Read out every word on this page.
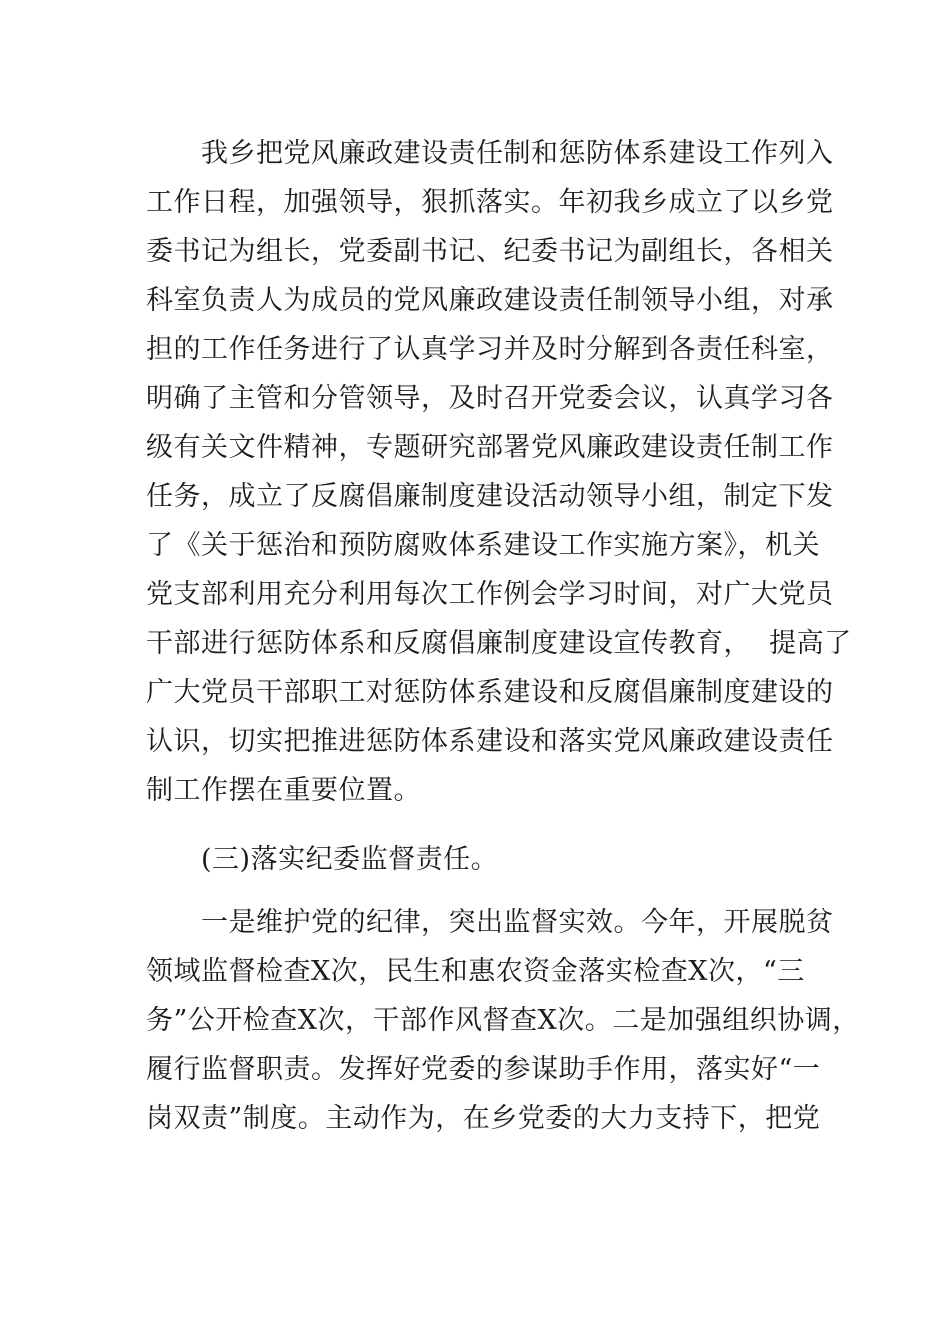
　　我乡把党风廉政建设责任制和惩防体系建设工作列入
工作日程，加强领导，狠抓落实。年初我乡成立了以乡党
委书记为组长，党委副书记、纪委书记为副组长，各相关
科室负责人为成员的党风廉政建设责任制领导小组，对承
担的工作任务进行了认真学习并及时分解到各责任科室，
明确了主管和分管领导，及时召开党委会议，认真学习各
级有关文件精神，专题研究部署党风廉政建设责任制工作
任务，成立了反腐倡廉制度建设活动领导小组，制定下发
了《关于惩治和预防腐败体系建设工作实施方案》，机关
党支部利用充分利用每次工作例会学习时间，对广大党员
干部进行惩防体系和反腐倡廉制度建设宣传教育，  提高了
广大党员干部职工对惩防体系建设和反腐倡廉制度建设的
认识，切实把推进惩防体系建设和落实党风廉政建设责任
制工作摆在重要位置。
　　(三)落实纪委监督责任。
　　一是维护党的纪律，突出监督实效。今年，开展脱贫
领域监督检查X次，民生和惠农资金落实检查X次，“三
务”公开检查X次，干部作风督查X次。二是加强组织协调，
履行监督职责。发挥好党委的参谋助手作用，落实好“一
岗双责”制度。主动作为，在乡党委的大力支持下，把党
